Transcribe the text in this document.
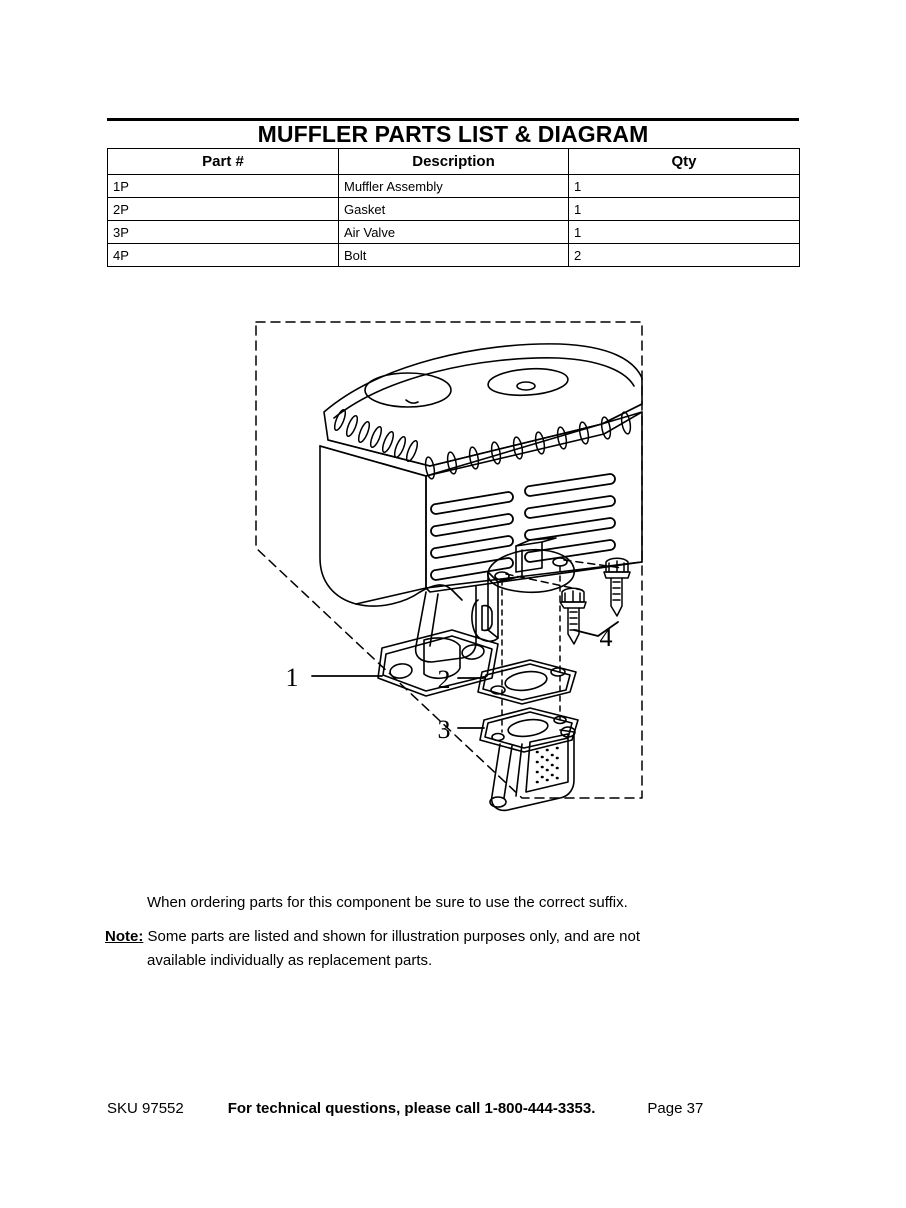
MUFFLER PARTS LIST & DIAGRAM
Part #	Description	Qty
1P	Muffler Assembly	1
2P	Gasket	1
3P	Air Valve	1
4P	Bolt	2
1	2
3
4
When ordering parts for this component be sure to use the correct suffix.
Note: Some parts are listed and shown for illustration purposes only, and are not
available individually as replacement parts.
SKU 97552	For technical questions, please call 1-800-444-3353.	Page 37
